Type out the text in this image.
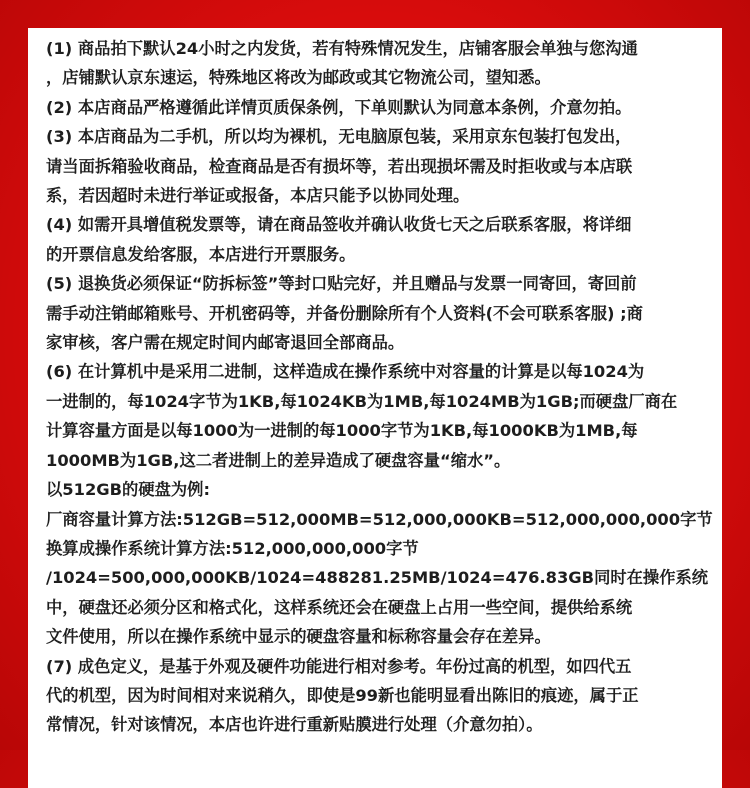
(1) 商品拍下默认24小时之内发货，若有特殊情况发生，店铺客服会单独与您沟通
，店铺默认京东速运，特殊地区将改为邮政或其它物流公司，望知悉。
(2) 本店商品严格遵循此详情页质保条例，下单则默认为同意本条例，介意勿拍。
(3) 本店商品为二手机，所以均为裸机，无电脑原包装，采用京东包装打包发出，
请当面拆箱验收商品，检查商品是否有损坏等，若出现损坏需及时拒收或与本店联
系，若因超时未进行举证或报备，本店只能予以协同处理。
(4) 如需开具增值税发票等，请在商品签收并确认收货七天之后联系客服，将详细
的开票信息发给客服，本店进行开票服务。
(5) 退换货必须保证“防拆标签”等封口贴完好，并且赠品与发票一同寄回，寄回前
需手动注销邮箱账号、开机密码等，并备份删除所有个人资料(不会可联系客服) ;商
家审核，客户需在规定时间内邮寄退回全部商品。
(6) 在计算机中是采用二进制，这样造成在操作系统中对容量的计算是以每1024为
一进制的，每1024字节为1KB,每1024KB为1MB,每1024MB为1GB;而硬盘厂商在
计算容量方面是以每1000为一进制的每1000字节为1KB,每1000KB为1MB,每
1000MB为1GB,这二者进制上的差异造成了硬盘容量“缩水”。
以512GB的硬盘为例:
厂商容量计算方法:512GB=512,000MB=512,000,000KB=512,000,000,000字节
换算成操作系统计算方法:512,000,000,000字节
/1024=500,000,000KB/1024=488281.25MB/1024=476.83GB同时在操作系统
中，硬盘还必须分区和格式化，这样系统还会在硬盘上占用一些空间，提供给系统
文件使用，所以在操作系统中显示的硬盘容量和标称容量会存在差异。
(7) 成色定义，是基于外观及硬件功能进行相对参考。年份过高的机型，如四代五
代的机型，因为时间相对来说稍久，即使是99新也能明显看出陈旧的痕迹，属于正
常情况，针对该情况，本店也许进行重新贴膜进行处理（介意勿拍）。
